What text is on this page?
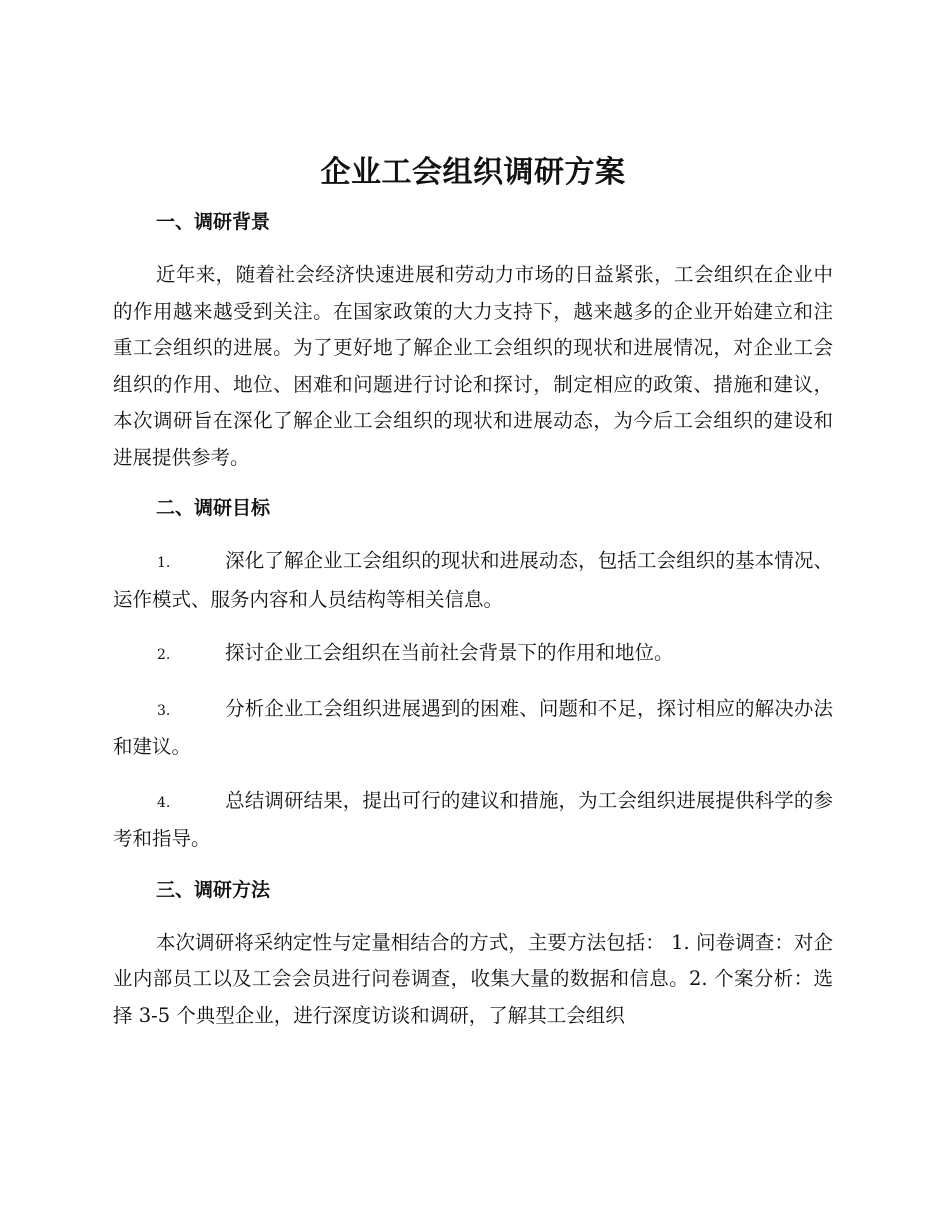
企业工会组织调研方案
一、调研背景

近年来，随着社会经济快速进展和劳动力市场的日益紧张，工会组织在企业中的作用越来越受到关注。在国家政策的大力支持下，越来越多的企业开始建立和注重工会组织的进展。为了更好地了解企业工会组织的现状和进展情况，对企业工会组织的作用、地位、困难和问题进行讨论和探讨，制定相应的政策、措施和建议，本次调研旨在深化了解企业工会组织的现状和进展动态，为今后工会组织的建设和进展提供参考。

二、调研目标

1.	深化了解企业工会组织的现状和进展动态，包括工会组织的基本情况、运作模式、服务内容和人员结构等相关信息。

2.	探讨企业工会组织在当前社会背景下的作用和地位。

3.	分析企业工会组织进展遇到的困难、问题和不足，探讨相应的解决办法和建议。

4.	总结调研结果，提出可行的建议和措施，为工会组织进展提供科学的参考和指导。

三、调研方法

本次调研将采纳定性与定量相结合的方式，主要方法包括： 1. 问卷调查：对企业内部员工以及工会会员进行问卷调查，收集大量的数据和信息。2. 个案分析：选择 3-5 个典型企业，进行深度访谈和调研，了解其工会组织
